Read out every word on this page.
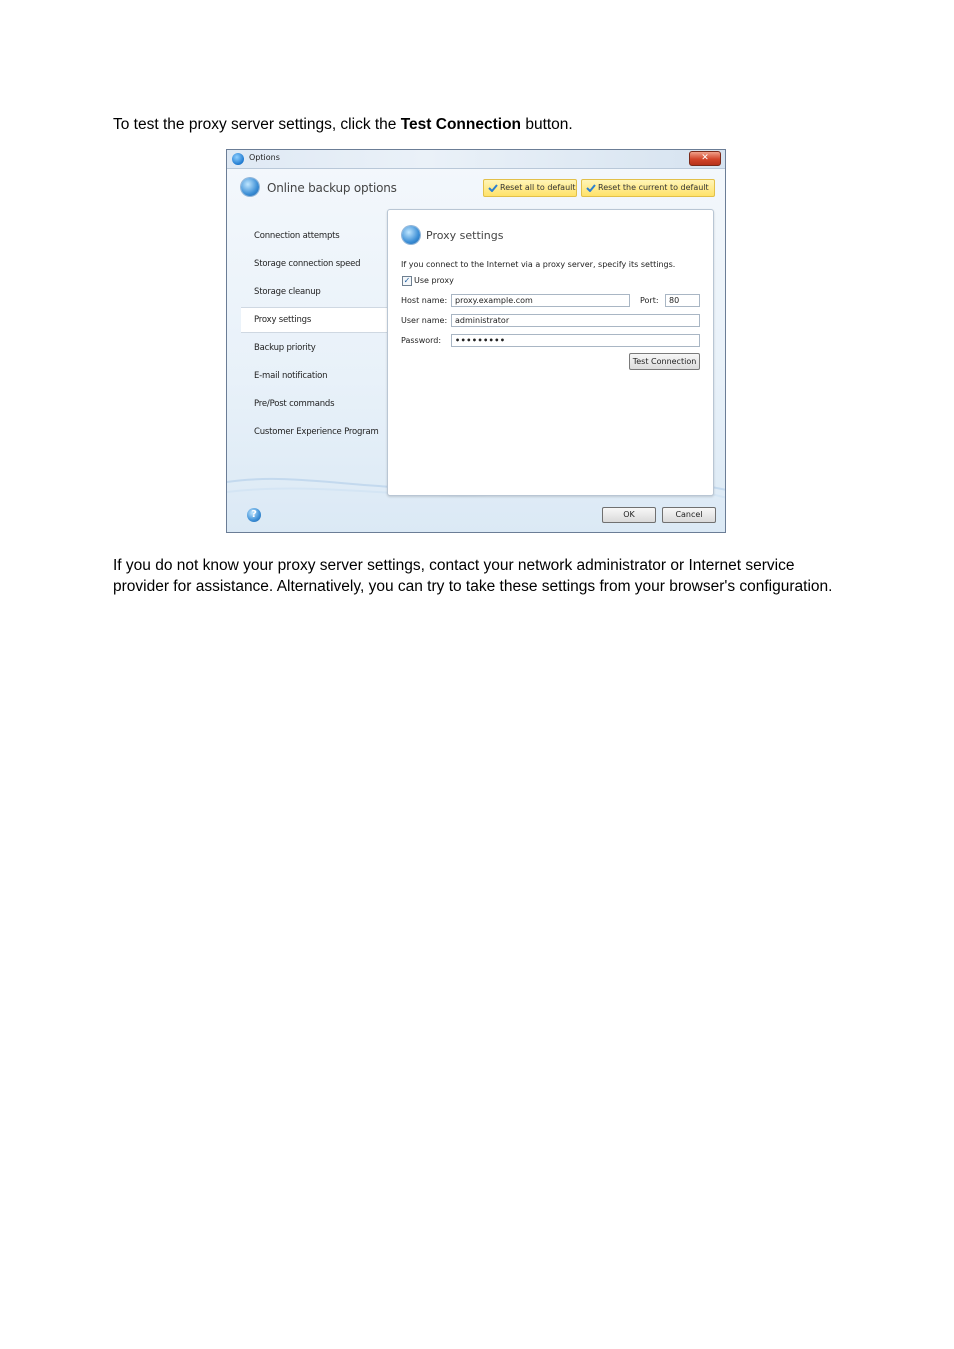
To test the proxy server settings, click the Test Connection button.

Options	✕
Online backup options	Reset all to default	Reset the current to default
Connection attempts
Storage connection speed
Storage cleanup
Proxy settings
Backup priority
E-mail notification
Pre/Post commands
Customer Experience Program
Proxy settings
If you connect to the Internet via a proxy server, specify its settings.
✓ Use proxy
Host name: proxy.example.com	Port:	80
User name: administrator
Password:	•••••••••
Test Connection
?	OK	Cancel

If you do not know your proxy server settings, contact your network administrator or Internet service provider for assistance. Alternatively, you can try to take these settings from your browser's configuration.
